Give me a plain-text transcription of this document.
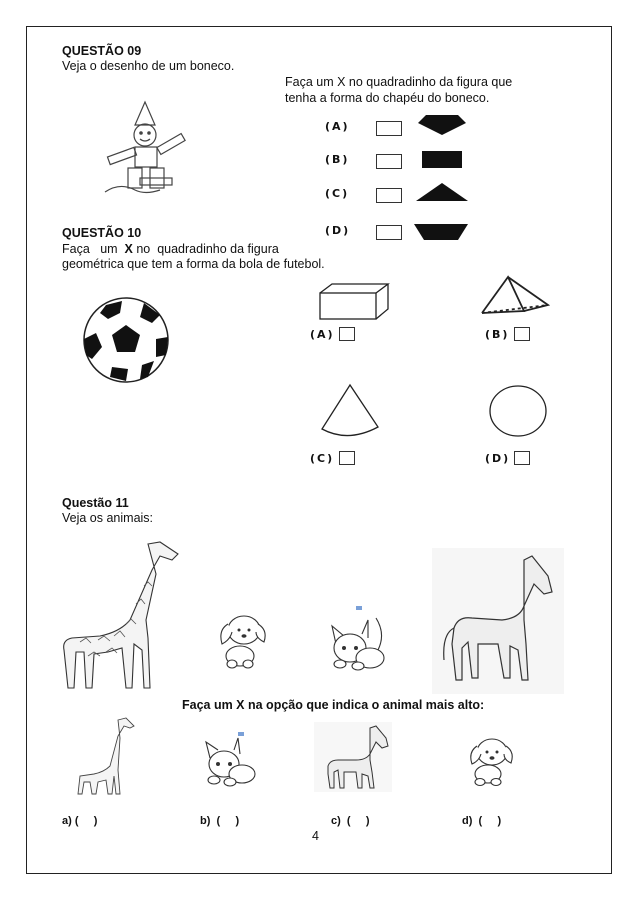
QUESTÃO 09
Veja o desenho de um boneco.
Faça um X no quadradinho da figura que
tenha a forma do chapéu do boneco.
(A)
(B)
(C)
(D)
QUESTÃO 10
Faça   um  X no  quadradinho da figura
geométrica que tem a forma da bola de futebol.
(A)	(B)
(C)	(D)
Questão 11
Veja os animais:
Faça um X na opção que indica o animal mais alto:
a) (     )	b)  (     )	c)  (     )	d)  (     )
4
